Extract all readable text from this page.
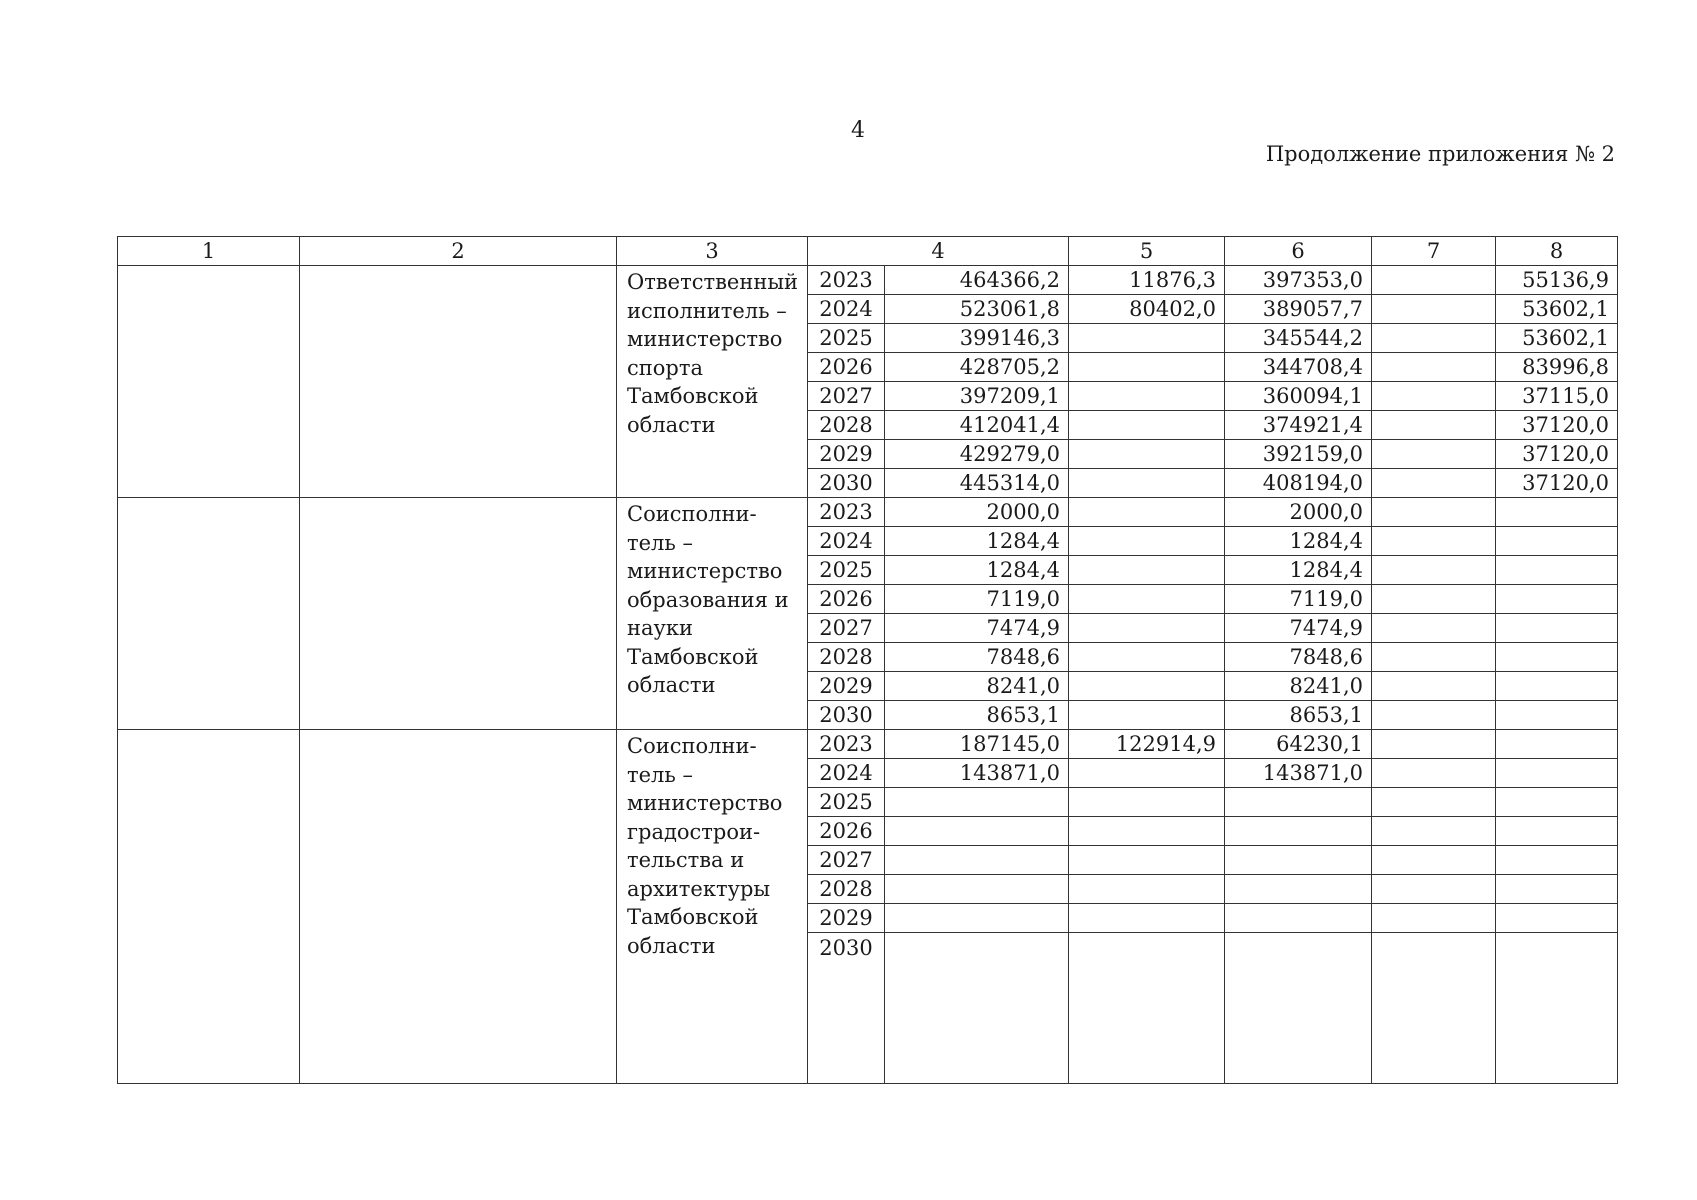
4
Продолжение приложения № 2
1	2	3	4		5	6	7	8
		Ответственный исполнитель – министерство спорта Тамбовской области	2023	464366,2	11876,3	397353,0		55136,9
			2024	523061,8	80402,0	389057,7		53602,1
			2025	399146,3		345544,2		53602,1
			2026	428705,2		344708,4		83996,8
			2027	397209,1		360094,1		37115,0
			2028	412041,4		374921,4		37120,0
			2029	429279,0		392159,0		37120,0
			2030	445314,0		408194,0		37120,0
		Соисполни-тель – министерство образования и науки Тамбовской области	2023	2000,0		2000,0		
			2024	1284,4		1284,4		
			2025	1284,4		1284,4		
			2026	7119,0		7119,0		
			2027	7474,9		7474,9		
			2028	7848,6		7848,6		
			2029	8241,0		8241,0		
			2030	8653,1		8653,1		
		Соисполни-тель – министерство градострои-тельства и архитектуры Тамбовской области	2023	187145,0	122914,9	64230,1		
			2024	143871,0		143871,0		
			2025					
			2026					
			2027					
			2028					
			2029					
			2030					
